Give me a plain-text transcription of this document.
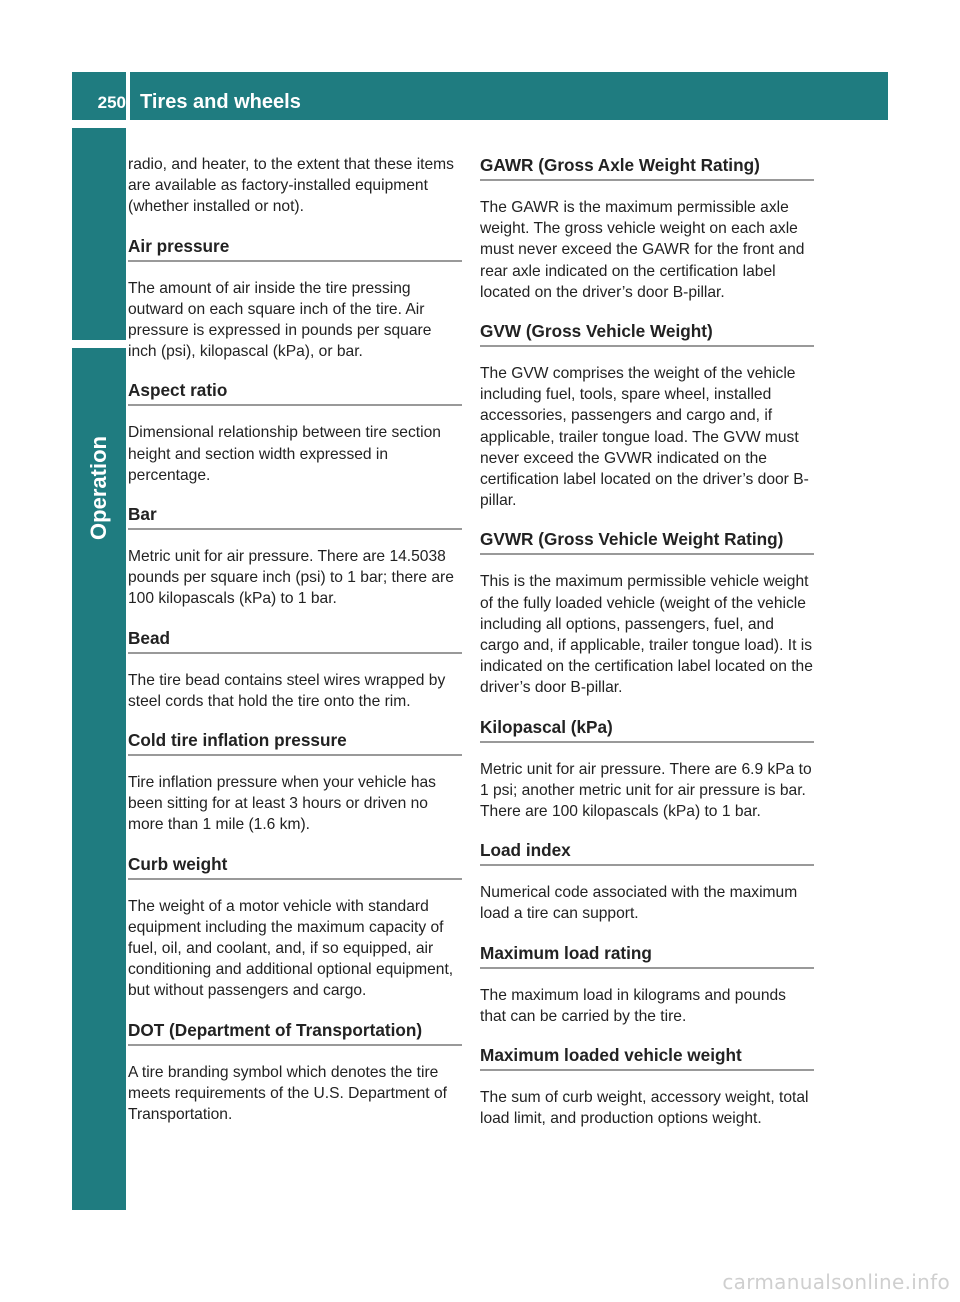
250 Tires and wheels
Operation

radio, and heater, to the extent that these items are available as factory-installed equipment (whether installed or not).

Air pressure

The amount of air inside the tire pressing outward on each square inch of the tire. Air pressure is expressed in pounds per square inch (psi), kilopascal (kPa), or bar.

Aspect ratio

Dimensional relationship between tire section height and section width expressed in percentage.

Bar

Metric unit for air pressure. There are 14.5038 pounds per square inch (psi) to 1 bar; there are 100 kilopascals (kPa) to 1 bar.

Bead

The tire bead contains steel wires wrapped by steel cords that hold the tire onto the rim.

Cold tire inflation pressure

Tire inflation pressure when your vehicle has been sitting for at least 3 hours or driven no more than 1 mile (1.6 km).

Curb weight

The weight of a motor vehicle with standard equipment including the maximum capacity of fuel, oil, and coolant, and, if so equipped, air conditioning and additional optional equipment, but without passengers and cargo.

DOT (Department of Transportation)

A tire branding symbol which denotes the tire meets requirements of the U.S. Department of Transportation.

GAWR (Gross Axle Weight Rating)

The GAWR is the maximum permissible axle weight. The gross vehicle weight on each axle must never exceed the GAWR for the front and rear axle indicated on the certification label located on the driver’s door B-pillar.

GVW (Gross Vehicle Weight)

The GVW comprises the weight of the vehicle including fuel, tools, spare wheel, installed accessories, passengers and cargo and, if applicable, trailer tongue load. The GVW must never exceed the GVWR indicated on the certification label located on the driver’s door B-pillar.

GVWR (Gross Vehicle Weight Rating)

This is the maximum permissible vehicle weight of the fully loaded vehicle (weight of the vehicle including all options, passengers, fuel, and cargo and, if applicable, trailer tongue load). It is indicated on the certification label located on the driver’s door B-pillar.

Kilopascal (kPa)

Metric unit for air pressure. There are 6.9 kPa to 1 psi; another metric unit for air pressure is bar. There are 100 kilopascals (kPa) to 1 bar.

Load index

Numerical code associated with the maximum load a tire can support.

Maximum load rating

The maximum load in kilograms and pounds that can be carried by the tire.

Maximum loaded vehicle weight

The sum of curb weight, accessory weight, total load limit, and production options weight.

carmanualsonline.info
